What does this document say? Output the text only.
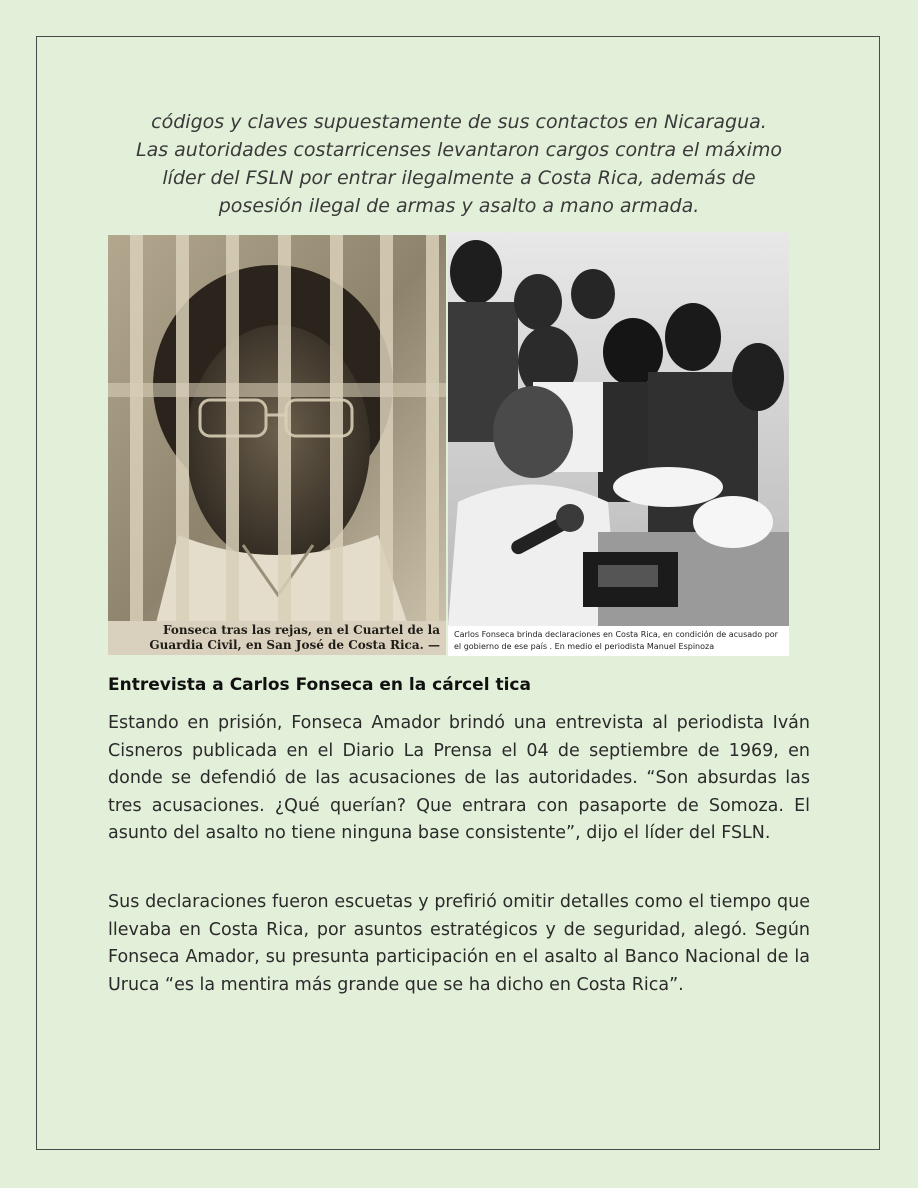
códigos y claves supuestamente de sus contactos en Nicaragua.

Las autoridades costarricenses levantaron cargos contra el máximo

líder del FSLN por entrar ilegalmente a Costa Rica, además de

posesión ilegal de armas y asalto a mano armada.

Fonseca tras las rejas, en el Cuartel de la Guardia Civil, en San José de Costa Rica. —
Carlos Fonseca brinda declaraciones en Costa Rica, en condición de acusado por el gobierno de ese país . En medio el periodista Manuel Espinoza
Entrevista a Carlos Fonseca en la cárcel tica

Estando en prisión, Fonseca Amador brindó una entrevista al periodista Iván Cisneros publicada en el Diario La Prensa el 04 de septiembre de 1969, en donde se defendió de las acusaciones de las autoridades. “Son absurdas las tres acusaciones. ¿Qué querían? Que entrara con pasaporte de Somoza. El asunto del asalto no tiene ninguna base consistente”, dijo el líder del FSLN.

Sus declaraciones fueron escuetas y prefirió omitir detalles como el tiempo que llevaba en Costa Rica, por asuntos estratégicos y de seguridad, alegó. Según Fonseca Amador, su presunta participación en el asalto al Banco Nacional de la Uruca “es la mentira más grande que se ha dicho en Costa Rica”.
